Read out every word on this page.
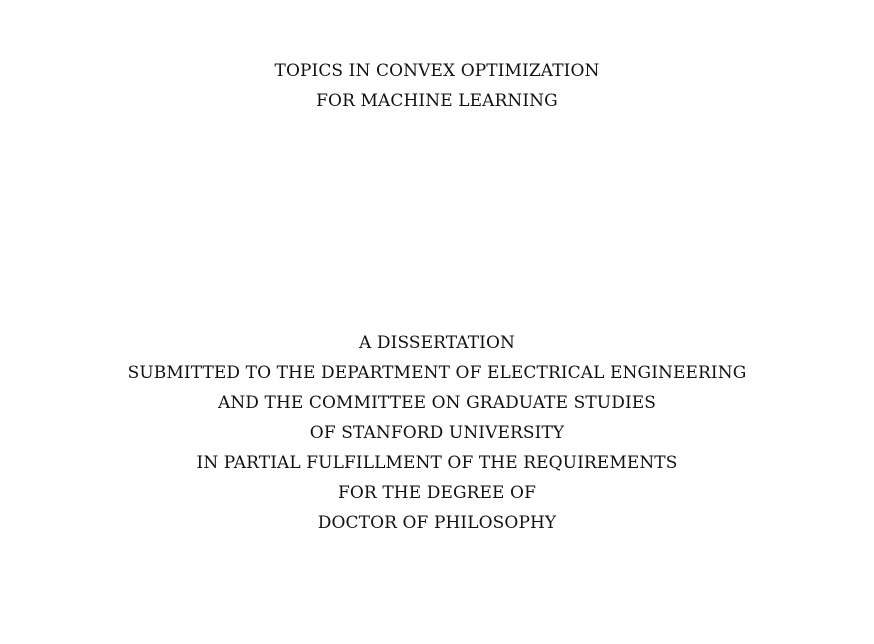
TOPICS IN CONVEX OPTIMIZATION
FOR MACHINE LEARNING
A DISSERTATION
SUBMITTED TO THE DEPARTMENT OF ELECTRICAL ENGINEERING
AND THE COMMITTEE ON GRADUATE STUDIES
OF STANFORD UNIVERSITY
IN PARTIAL FULFILLMENT OF THE REQUIREMENTS
FOR THE DEGREE OF
DOCTOR OF PHILOSOPHY
